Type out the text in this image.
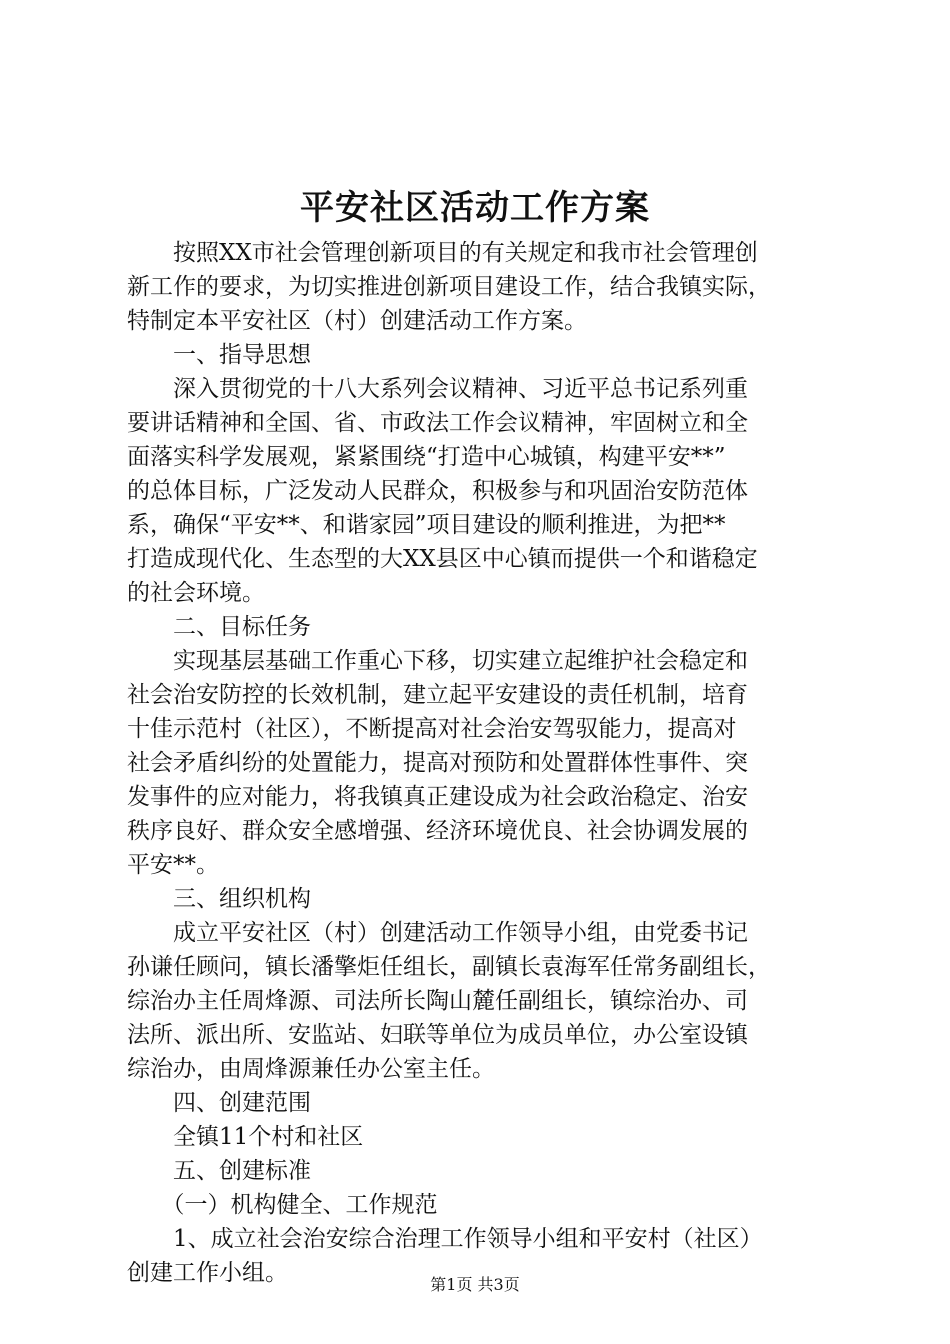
平安社区活动工作方案
　　按照XX市社会管理创新项目的有关规定和我市社会管理创
新工作的要求，为切实推进创新项目建设工作，结合我镇实际，
特制定本平安社区（村）创建活动工作方案。
　　一、指导思想
　　深入贯彻党的十八大系列会议精神、习近平总书记系列重
要讲话精神和全国、省、市政法工作会议精神，牢固树立和全
面落实科学发展观，紧紧围绕“打造中心城镇，构建平安**”
的总体目标，广泛发动人民群众，积极参与和巩固治安防范体
系，确保“平安**、和谐家园”项目建设的顺利推进，为把**
打造成现代化、生态型的大XX县区中心镇而提供一个和谐稳定
的社会环境。
　　二、目标任务
　　实现基层基础工作重心下移，切实建立起维护社会稳定和
社会治安防控的长效机制，建立起平安建设的责任机制，培育
十佳示范村（社区），不断提高对社会治安驾驭能力，提高对
社会矛盾纠纷的处置能力，提高对预防和处置群体性事件、突
发事件的应对能力，将我镇真正建设成为社会政治稳定、治安
秩序良好、群众安全感增强、经济环境优良、社会协调发展的
平安**。
　　三、组织机构
　　成立平安社区（村）创建活动工作领导小组，由党委书记
孙谦任顾问，镇长潘擎炬任组长，副镇长袁海军任常务副组长，
综治办主任周烽源、司法所长陶山麓任副组长，镇综治办、司
法所、派出所、安监站、妇联等单位为成员单位，办公室设镇
综治办，由周烽源兼任办公室主任。
　　四、创建范围
　　全镇11个村和社区
　　五、创建标准
　　（一）机构健全、工作规范
　　1、成立社会治安综合治理工作领导小组和平安村（社区）
创建工作小组。	第1页 共3页
